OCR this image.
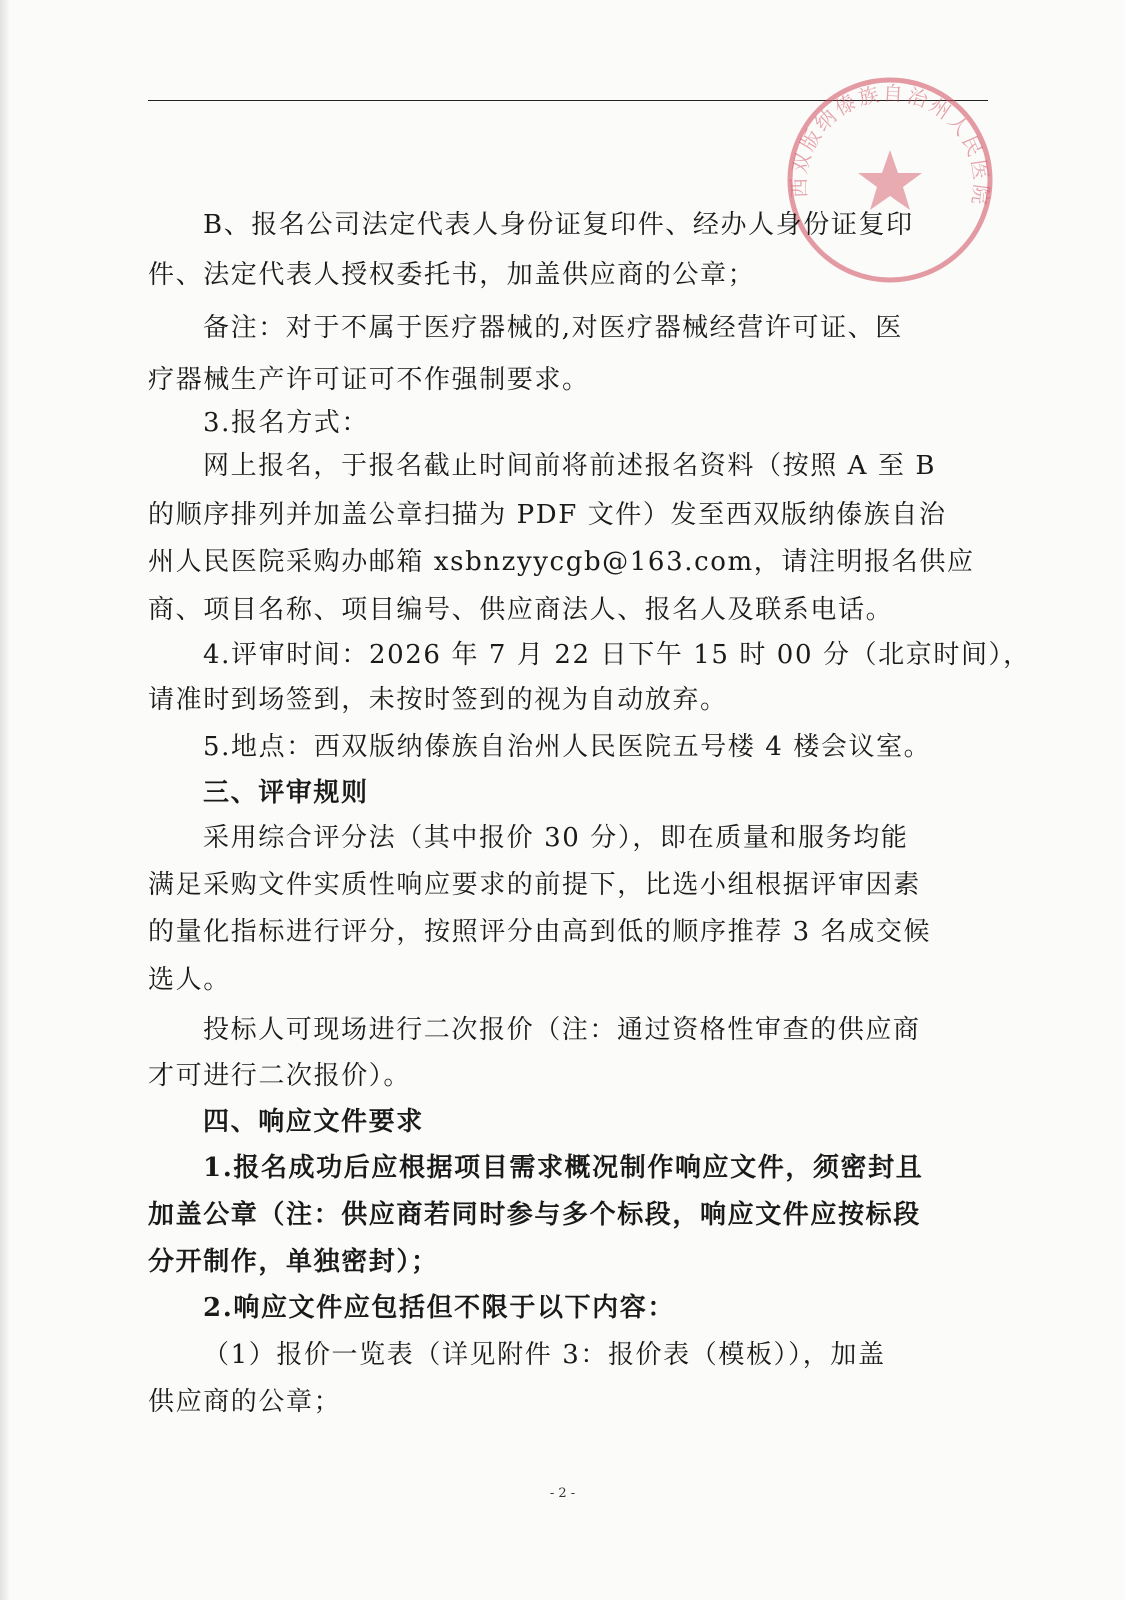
西双版纳傣族自治州人民医院
B、报名公司法定代表人身份证复印件、经办人身份证复印
件、法定代表人授权委托书，加盖供应商的公章；
备注：对于不属于医疗器械的,对医疗器械经营许可证、医
疗器械生产许可证可不作强制要求。
3.报名方式：
网上报名，于报名截止时间前将前述报名资料（按照 A 至 B
的顺序排列并加盖公章扫描为 PDF 文件）发至西双版纳傣族自治
州人民医院采购办邮箱 xsbnzyycgb@163.com，请注明报名供应
商、项目名称、项目编号、供应商法人、报名人及联系电话。
4.评审时间：2026 年 7 月 22 日下午 15 时 00 分（北京时间），
请准时到场签到，未按时签到的视为自动放弃。
5.地点：西双版纳傣族自治州人民医院五号楼 4 楼会议室。
三、评审规则
采用综合评分法（其中报价 30 分），即在质量和服务均能
满足采购文件实质性响应要求的前提下，比选小组根据评审因素
的量化指标进行评分，按照评分由高到低的顺序推荐 3 名成交候
选人。
投标人可现场进行二次报价（注：通过资格性审查的供应商
才可进行二次报价）。
四、响应文件要求
1.报名成功后应根据项目需求概况制作响应文件，须密封且
加盖公章（注：供应商若同时参与多个标段，响应文件应按标段
分开制作，单独密封）；
2.响应文件应包括但不限于以下内容：
（1）报价一览表（详见附件 3：报价表（模板）），加盖
供应商的公章；
- 2 -
